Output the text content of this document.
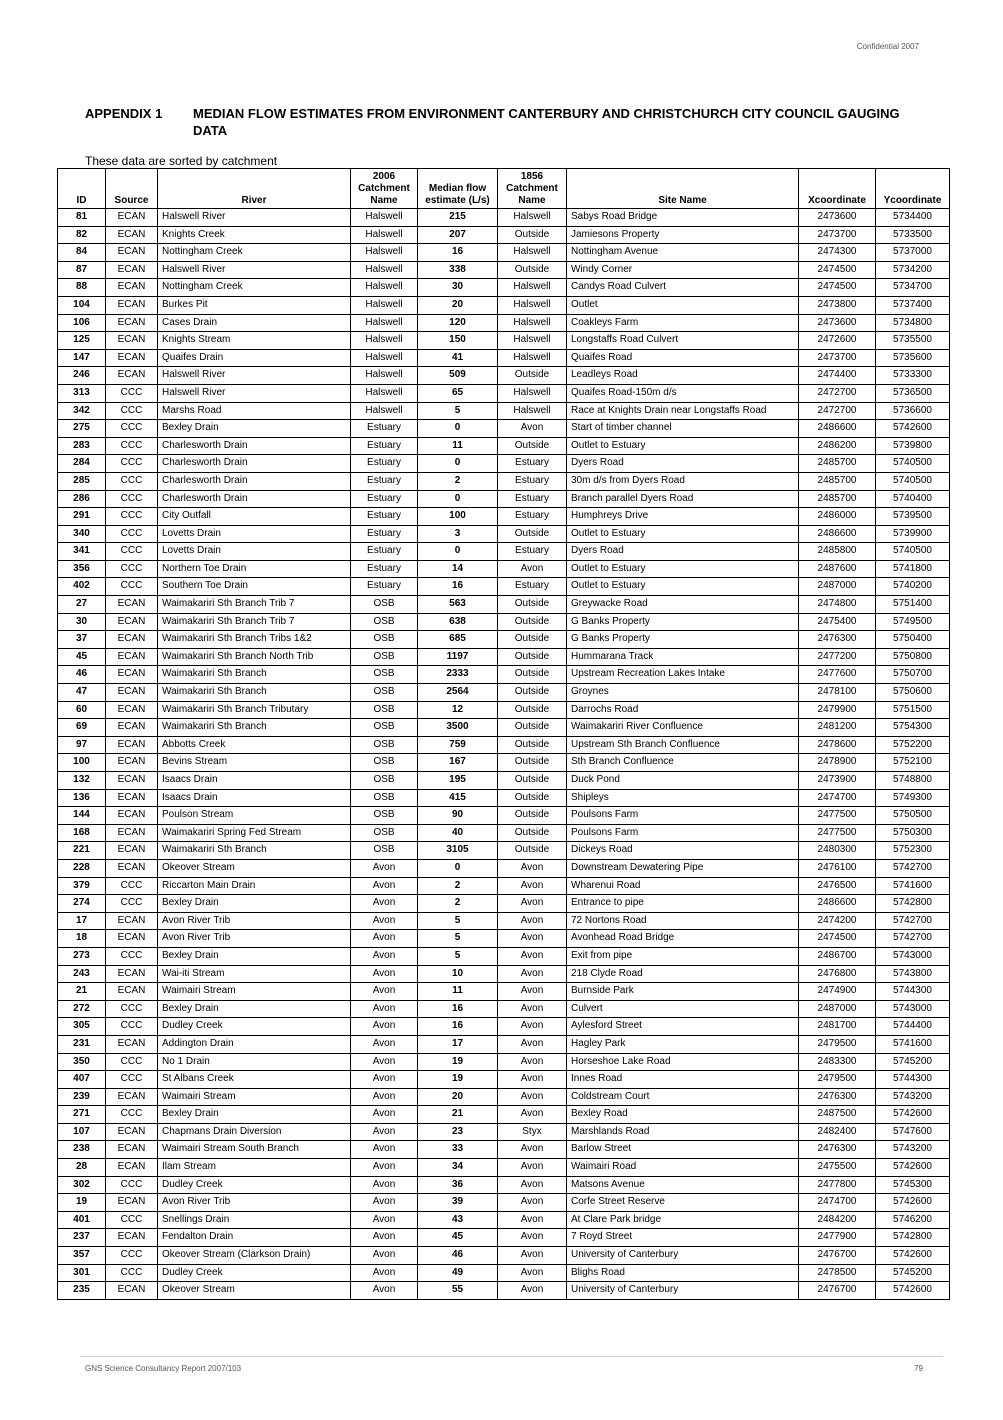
Confidential 2007
APPENDIX 1 MEDIAN FLOW ESTIMATES FROM ENVIRONMENT CANTERBURY AND CHRISTCHURCH CITY COUNCIL GAUGING DATA
These data are sorted by catchment
ID	Source	River	2006 Catchment Name	Median flow estimate (L/s)	1856 Catchment Name	Site Name	Xcoordinate	Ycoordinate
81	ECAN	Halswell River	Halswell	215	Halswell	Sabys Road Bridge	2473600	5734400
82	ECAN	Knights Creek	Halswell	207	Outside	Jamiesons Property	2473700	5733500
84	ECAN	Nottingham Creek	Halswell	16	Halswell	Nottingham Avenue	2474300	5737000
87	ECAN	Halswell River	Halswell	338	Outside	Windy Corner	2474500	5734200
88	ECAN	Nottingham Creek	Halswell	30	Halswell	Candys Road Culvert	2474500	5734700
104	ECAN	Burkes Pit	Halswell	20	Halswell	Outlet	2473800	5737400
106	ECAN	Cases Drain	Halswell	120	Halswell	Coakleys Farm	2473600	5734800
125	ECAN	Knights Stream	Halswell	150	Halswell	Longstaffs Road Culvert	2472600	5735500
147	ECAN	Quaifes Drain	Halswell	41	Halswell	Quaifes Road	2473700	5735600
246	ECAN	Halswell River	Halswell	509	Outside	Leadleys Road	2474400	5733300
313	CCC	Halswell River	Halswell	65	Halswell	Quaifes Road-150m d/s	2472700	5736500
342	CCC	Marshs Road	Halswell	5	Halswell	Race at Knights Drain near Longstaffs Road	2472700	5736600
275	CCC	Bexley Drain	Estuary	0	Avon	Start of timber channel	2486600	5742600
283	CCC	Charlesworth Drain	Estuary	11	Outside	Outlet to Estuary	2486200	5739800
284	CCC	Charlesworth Drain	Estuary	0	Estuary	Dyers Road	2485700	5740500
285	CCC	Charlesworth Drain	Estuary	2	Estuary	30m d/s from Dyers Road	2485700	5740500
286	CCC	Charlesworth Drain	Estuary	0	Estuary	Branch parallel Dyers Road	2485700	5740400
291	CCC	City Outfall	Estuary	100	Estuary	Humphreys Drive	2486000	5739500
340	CCC	Lovetts Drain	Estuary	3	Outside	Outlet to Estuary	2486600	5739900
341	CCC	Lovetts Drain	Estuary	0	Estuary	Dyers Road	2485800	5740500
356	CCC	Northern Toe Drain	Estuary	14	Avon	Outlet to Estuary	2487600	5741800
402	CCC	Southern Toe Drain	Estuary	16	Estuary	Outlet to Estuary	2487000	5740200
27	ECAN	Waimakariri Sth Branch Trib 7	OSB	563	Outside	Greywacke Road	2474800	5751400
30	ECAN	Waimakariri Sth Branch Trib 7	OSB	638	Outside	G Banks Property	2475400	5749500
37	ECAN	Waimakariri Sth Branch Tribs 1&2	OSB	685	Outside	G Banks Property	2476300	5750400
45	ECAN	Waimakariri Sth Branch North Trib	OSB	1197	Outside	Hummarana Track	2477200	5750800
46	ECAN	Waimakariri Sth Branch	OSB	2333	Outside	Upstream Recreation Lakes Intake	2477600	5750700
47	ECAN	Waimakariri Sth Branch	OSB	2564	Outside	Groynes	2478100	5750600
60	ECAN	Waimakariri Sth Branch Tributary	OSB	12	Outside	Darrochs Road	2479900	5751500
69	ECAN	Waimakariri Sth Branch	OSB	3500	Outside	Waimakariri River Confluence	2481200	5754300
97	ECAN	Abbotts Creek	OSB	759	Outside	Upstream Sth Branch Confluence	2478600	5752200
100	ECAN	Bevins Stream	OSB	167	Outside	Sth Branch Confluence	2478900	5752100
132	ECAN	Isaacs Drain	OSB	195	Outside	Duck Pond	2473900	5748800
136	ECAN	Isaacs Drain	OSB	415	Outside	Shipleys	2474700	5749300
144	ECAN	Poulson Stream	OSB	90	Outside	Poulsons Farm	2477500	5750500
168	ECAN	Waimakariri Spring Fed Stream	OSB	40	Outside	Poulsons Farm	2477500	5750300
221	ECAN	Waimakariri Sth Branch	OSB	3105	Outside	Dickeys Road	2480300	5752300
228	ECAN	Okeover Stream	Avon	0	Avon	Downstream Dewatering Pipe	2476100	5742700
379	CCC	Riccarton Main Drain	Avon	2	Avon	Wharenui Road	2476500	5741600
274	CCC	Bexley Drain	Avon	2	Avon	Entrance to pipe	2486600	5742800
17	ECAN	Avon River Trib	Avon	5	Avon	72 Nortons Road	2474200	5742700
18	ECAN	Avon River Trib	Avon	5	Avon	Avonhead Road Bridge	2474500	5742700
273	CCC	Bexley Drain	Avon	5	Avon	Exit from pipe	2486700	5743000
243	ECAN	Wai-iti Stream	Avon	10	Avon	218 Clyde Road	2476800	5743800
21	ECAN	Waimairi Stream	Avon	11	Avon	Burnside Park	2474900	5744300
272	CCC	Bexley Drain	Avon	16	Avon	Culvert	2487000	5743000
305	CCC	Dudley Creek	Avon	16	Avon	Aylesford Street	2481700	5744400
231	ECAN	Addington Drain	Avon	17	Avon	Hagley Park	2479500	5741600
350	CCC	No 1 Drain	Avon	19	Avon	Horseshoe Lake Road	2483300	5745200
407	CCC	St Albans Creek	Avon	19	Avon	Innes Road	2479500	5744300
239	ECAN	Waimairi Stream	Avon	20	Avon	Coldstream Court	2476300	5743200
271	CCC	Bexley Drain	Avon	21	Avon	Bexley Road	2487500	5742600
107	ECAN	Chapmans Drain Diversion	Avon	23	Styx	Marshlands Road	2482400	5747600
238	ECAN	Waimairi Stream South Branch	Avon	33	Avon	Barlow Street	2476300	5743200
28	ECAN	Ilam Stream	Avon	34	Avon	Waimairi Road	2475500	5742600
302	CCC	Dudley Creek	Avon	36	Avon	Matsons Avenue	2477800	5745300
19	ECAN	Avon River Trib	Avon	39	Avon	Corfe Street Reserve	2474700	5742600
401	CCC	Snellings Drain	Avon	43	Avon	At Clare Park bridge	2484200	5746200
237	ECAN	Fendalton Drain	Avon	45	Avon	7 Royd Street	2477900	5742800
357	CCC	Okeover Stream (Clarkson Drain)	Avon	46	Avon	University of Canterbury	2476700	5742600
301	CCC	Dudley Creek	Avon	49	Avon	Blighs Road	2478500	5745200
235	ECAN	Okeover Stream	Avon	55	Avon	University of Canterbury	2476700	5742600
GNS Science Consultancy Report 2007/103	79
